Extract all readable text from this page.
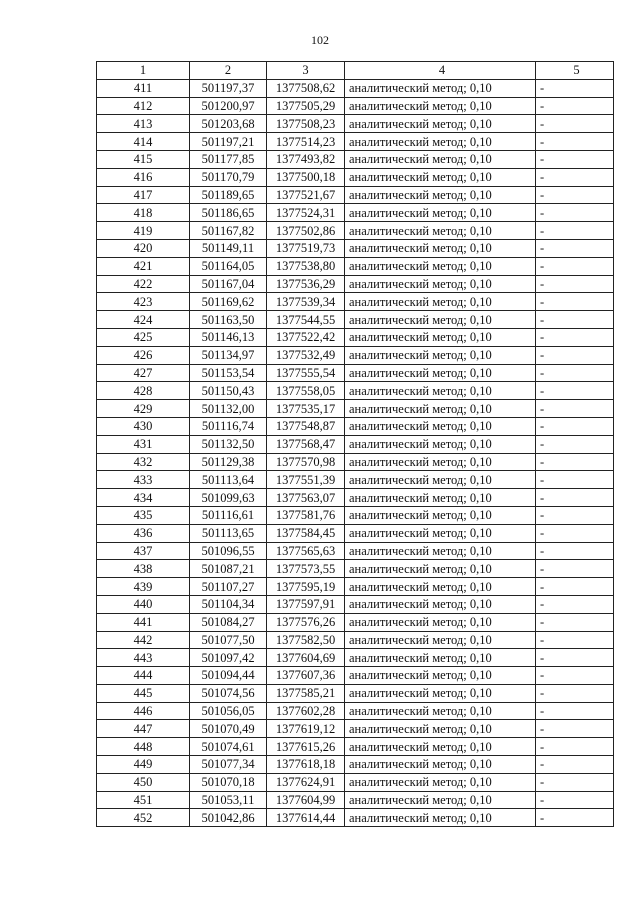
102
1	2	3	4	5
411	501197,37	1377508,62	аналитический метод; 0,10	-
412	501200,97	1377505,29	аналитический метод; 0,10	-
413	501203,68	1377508,23	аналитический метод; 0,10	-
414	501197,21	1377514,23	аналитический метод; 0,10	-
415	501177,85	1377493,82	аналитический метод; 0,10	-
416	501170,79	1377500,18	аналитический метод; 0,10	-
417	501189,65	1377521,67	аналитический метод; 0,10	-
418	501186,65	1377524,31	аналитический метод; 0,10	-
419	501167,82	1377502,86	аналитический метод; 0,10	-
420	501149,11	1377519,73	аналитический метод; 0,10	-
421	501164,05	1377538,80	аналитический метод; 0,10	-
422	501167,04	1377536,29	аналитический метод; 0,10	-
423	501169,62	1377539,34	аналитический метод; 0,10	-
424	501163,50	1377544,55	аналитический метод; 0,10	-
425	501146,13	1377522,42	аналитический метод; 0,10	-
426	501134,97	1377532,49	аналитический метод; 0,10	-
427	501153,54	1377555,54	аналитический метод; 0,10	-
428	501150,43	1377558,05	аналитический метод; 0,10	-
429	501132,00	1377535,17	аналитический метод; 0,10	-
430	501116,74	1377548,87	аналитический метод; 0,10	-
431	501132,50	1377568,47	аналитический метод; 0,10	-
432	501129,38	1377570,98	аналитический метод; 0,10	-
433	501113,64	1377551,39	аналитический метод; 0,10	-
434	501099,63	1377563,07	аналитический метод; 0,10	-
435	501116,61	1377581,76	аналитический метод; 0,10	-
436	501113,65	1377584,45	аналитический метод; 0,10	-
437	501096,55	1377565,63	аналитический метод; 0,10	-
438	501087,21	1377573,55	аналитический метод; 0,10	-
439	501107,27	1377595,19	аналитический метод; 0,10	-
440	501104,34	1377597,91	аналитический метод; 0,10	-
441	501084,27	1377576,26	аналитический метод; 0,10	-
442	501077,50	1377582,50	аналитический метод; 0,10	-
443	501097,42	1377604,69	аналитический метод; 0,10	-
444	501094,44	1377607,36	аналитический метод; 0,10	-
445	501074,56	1377585,21	аналитический метод; 0,10	-
446	501056,05	1377602,28	аналитический метод; 0,10	-
447	501070,49	1377619,12	аналитический метод; 0,10	-
448	501074,61	1377615,26	аналитический метод; 0,10	-
449	501077,34	1377618,18	аналитический метод; 0,10	-
450	501070,18	1377624,91	аналитический метод; 0,10	-
451	501053,11	1377604,99	аналитический метод; 0,10	-
452	501042,86	1377614,44	аналитический метод; 0,10	-
